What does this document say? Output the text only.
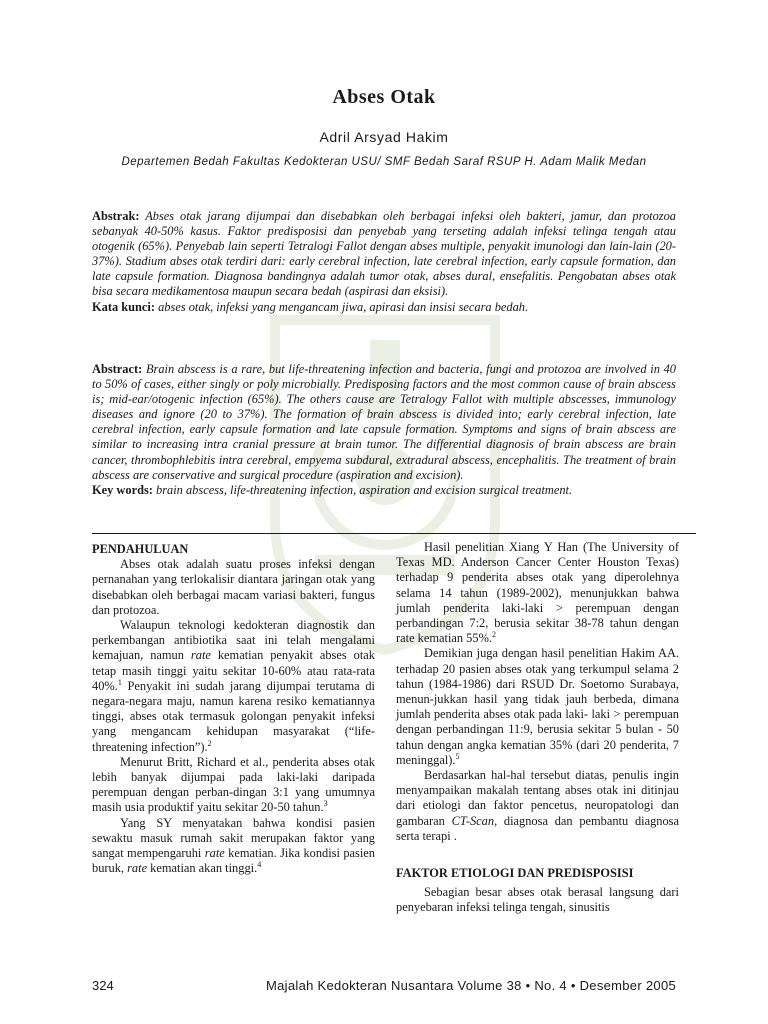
Abses Otak
Adril Arsyad Hakim
Departemen Bedah Fakultas Kedokteran USU/ SMF Bedah Saraf RSUP H. Adam Malik Medan
Abstrak: Abses otak jarang dijumpai dan disebabkan oleh berbagai infeksi oleh bakteri, jamur, dan protozoa sebanyak 40-50% kasus. Faktor predisposisi dan penyebab yang terseting adalah infeksi telinga tengah atau otogenik (65%). Penyebab lain seperti Tetralogi Fallot dengan abses multiple, penyakit imunologi dan lain-lain (20-37%). Stadium abses otak terdiri dari: early cerebral infection, late cerebral infection, early capsule formation, dan late capsule formation. Diagnosa bandingnya adalah tumor otak, abses dural, ensefalitis. Pengobatan abses otak bisa secara medikamentosa maupun secara bedah (aspirasi dan eksisi).
Kata kunci: abses otak, infeksi yang mengancam jiwa, apirasi dan insisi secara bedah.
Abstract: Brain abscess is a rare, but life-threatening infection and bacteria, fungi and protozoa are involved in 40 to 50% of cases, either singly or poly microbially. Predisposing factors and the most common cause of brain abscess is; mid-ear/otogenic infection (65%). The others cause are Tetralogy Fallot with multiple abscesses, immunology diseases and ignore (20 to 37%). The formation of brain abscess is divided into; early cerebral infection, late cerebral infection, early capsule formation and late capsule formation. Symptoms and signs of brain abscess are similar to increasing intra cranial pressure at brain tumor. The differential diagnosis of brain abscess are brain cancer, thrombophlebitis intra cerebral, empyema subdural, extradural abscess, encephalitis. The treatment of brain abscess are conservative and surgical procedure (aspiration and excision).
Key words: brain abscess, life-threatening infection, aspiration and excision surgical treatment.
PENDAHULUAN

Abses otak adalah suatu proses infeksi dengan pernanahan yang terlokalisir diantara jaringan otak yang disebabkan oleh berbagai macam variasi bakteri, fungus dan protozoa.

Walaupun teknologi kedokteran diagnostik dan perkembangan antibiotika saat ini telah mengalami kemajuan, namun rate kematian penyakit abses otak tetap masih tinggi yaitu sekitar 10-60% atau rata-rata 40%.$^1$ Penyakit ini sudah jarang dijumpai terutama di negara-negara maju, namun karena resiko kematiannya tinggi, abses otak termasuk golongan penyakit infeksi yang mengancam kehidupan masyarakat (“life-threatening infection”).$^2$

Menurut Britt, Richard et al., penderita abses otak lebih banyak dijumpai pada laki-laki daripada perempuan dengan perban-dingan 3:1 yang umumnya masih usia produktif yaitu sekitar 20-50 tahun.$^3$

Yang SY menyatakan bahwa kondisi pasien sewaktu masuk rumah sakit merupakan faktor yang sangat mempengaruhi rate kematian. Jika kondisi pasien buruk, rate kematian akan tinggi.$^4$

Hasil penelitian Xiang Y Han (The University of Texas MD. Anderson Cancer Center Houston Texas) terhadap 9 penderita abses otak yang diperolehnya selama 14 tahun (1989-2002), menunjukkan bahwa jumlah penderita laki-laki > perempuan dengan perbandingan 7:2, berusia sekitar 38-78 tahun dengan rate kematian 55%.$^2$

Demikian juga dengan hasil penelitian Hakim AA. terhadap 20 pasien abses otak yang terkumpul selama 2 tahun (1984-1986) dari RSUD Dr. Soetomo Surabaya, menun-jukkan hasil yang tidak jauh berbeda, dimana jumlah penderita abses otak pada laki- laki > perempuan dengan perbandingan 11:9, berusia sekitar 5 bulan - 50 tahun dengan angka kematian 35% (dari 20 penderita, 7 meninggal).$^5$

Berdasarkan hal-hal tersebut diatas, penulis ingin menyampaikan makalah tentang abses otak ini ditinjau dari etiologi dan faktor pencetus, neuropatologi dan gambaran CT-Scan, diagnosa dan pembantu diagnosa serta terapi .

FAKTOR ETIOLOGI DAN PREDISPOSISI

Sebagian besar abses otak berasal langsung dari penyebaran infeksi telinga tengah, sinusitis

324	Majalah Kedokteran Nusantara Volume 38 • No. 4 • Desember 2005
